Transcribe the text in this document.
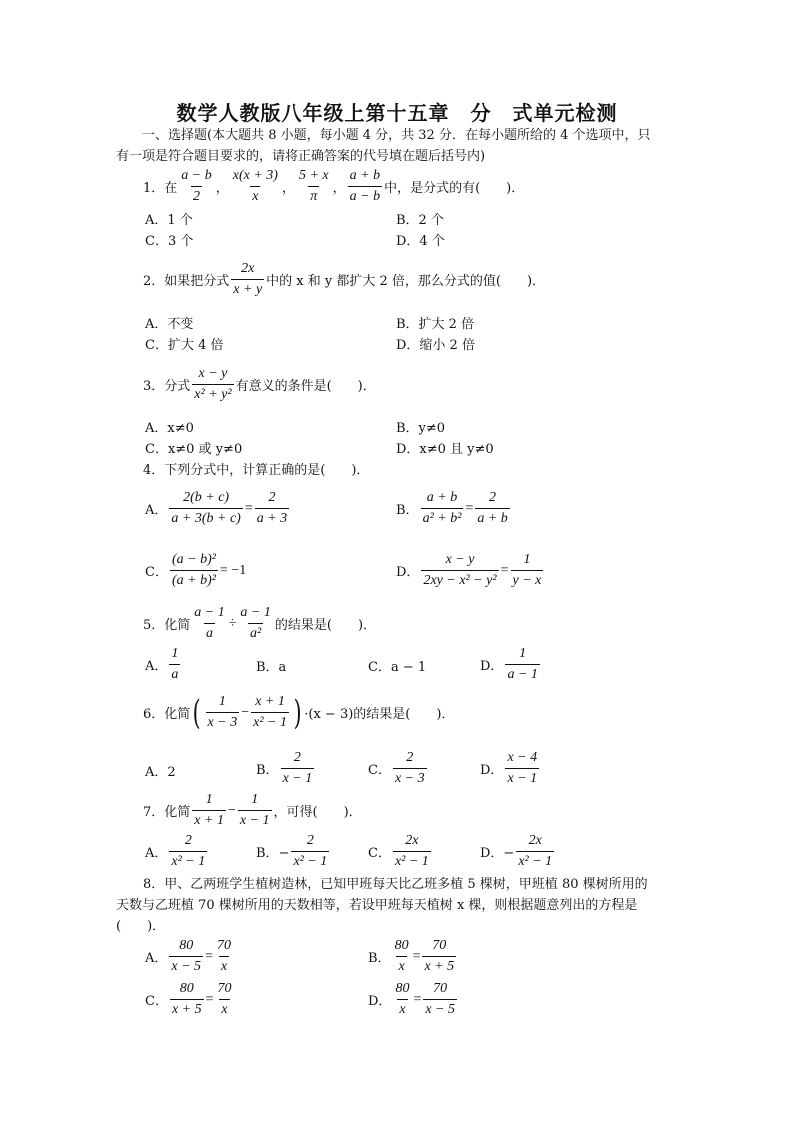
数学人教版八年级上第十五章　分　式单元检测
一、选择题(本大题共 8 小题，每小题 4 分，共 32 分．在每小题所给的 4 个选项中，只
有一项是符合题目要求的，请将正确答案的代号填在题后括号内)
1．在 $\frac{a - b}{2}$ ， $\frac{x(x + 3)}{x}$ ， $\frac{5 + x}{\pi}$ ， $\frac{a + b}{a - b}$ 中，是分式的有(　　)．
A．1 个	B．2 个
C．3 个	D．4 个
2．如果把分式 $\frac{2x}{x + y}$ 中的 x 和 y 都扩大 2 倍，那么分式的值(　　)．
A．不变	B．扩大 2 倍
C．扩大 4 倍	D．缩小 2 倍
3．分式 $\frac{x - y}{\text{x² + y²}}$ 有意义的条件是(　　)．
A．x≠0	B．y≠0
C．x≠0 或 y≠0	D．x≠0 且 y≠0
4．下列分式中，计算正确的是(　　)．
A． $\frac{2(b + c)}{a + 3(b + c)} = \frac{2}{a + 3}$	B． $\frac{a + b}{\text{a² + b²}} = \frac{2}{a + b}$
C． $\frac{\text{(a − b)²}}{\text{(a + b)²}} = -1$	D． $\frac{x - y}{\text{2xy − x² − y²}} = \frac{1}{y - x}$
5．化简 $\frac{a - 1}{a} \div \frac{a - 1}{\text{a²}}$ 的结果是(　　)．
A． $\frac{1}{a}$	B．a	C．a − 1	D． $\frac{1}{a - 1}$
6．化简 ( $\frac{1}{x - 3} - \frac{x + 1}{\text{x² − 1}}$ ) ·(x − 3)的结果是(　　)．
A．2	B． $\frac{2}{x - 1}$	C． $\frac{2}{x - 3}$	D． $\frac{x - 4}{x - 1}$
7．化简 $\frac{1}{x + 1} - \frac{1}{x - 1}$ ，可得(　　)．
A． $\frac{2}{\text{x² − 1}}$	B．− $\frac{2}{\text{x² − 1}}$	C． $\frac{2x}{\text{x² − 1}}$	D．− $\frac{2x}{\text{x² − 1}}$
8．甲、乙两班学生植树造林，已知甲班每天比乙班多植 5 棵树，甲班植 80 棵树所用的
天数与乙班植 70 棵树所用的天数相等，若设甲班每天植树 x 棵，则根据题意列出的方程是
(　　)．
A． $\frac{80}{x - 5} = \frac{70}{x}$	B． $\frac{80}{x} = \frac{70}{x + 5}$
C． $\frac{80}{x + 5} = \frac{70}{x}$	D． $\frac{80}{x} = \frac{70}{x - 5}$
